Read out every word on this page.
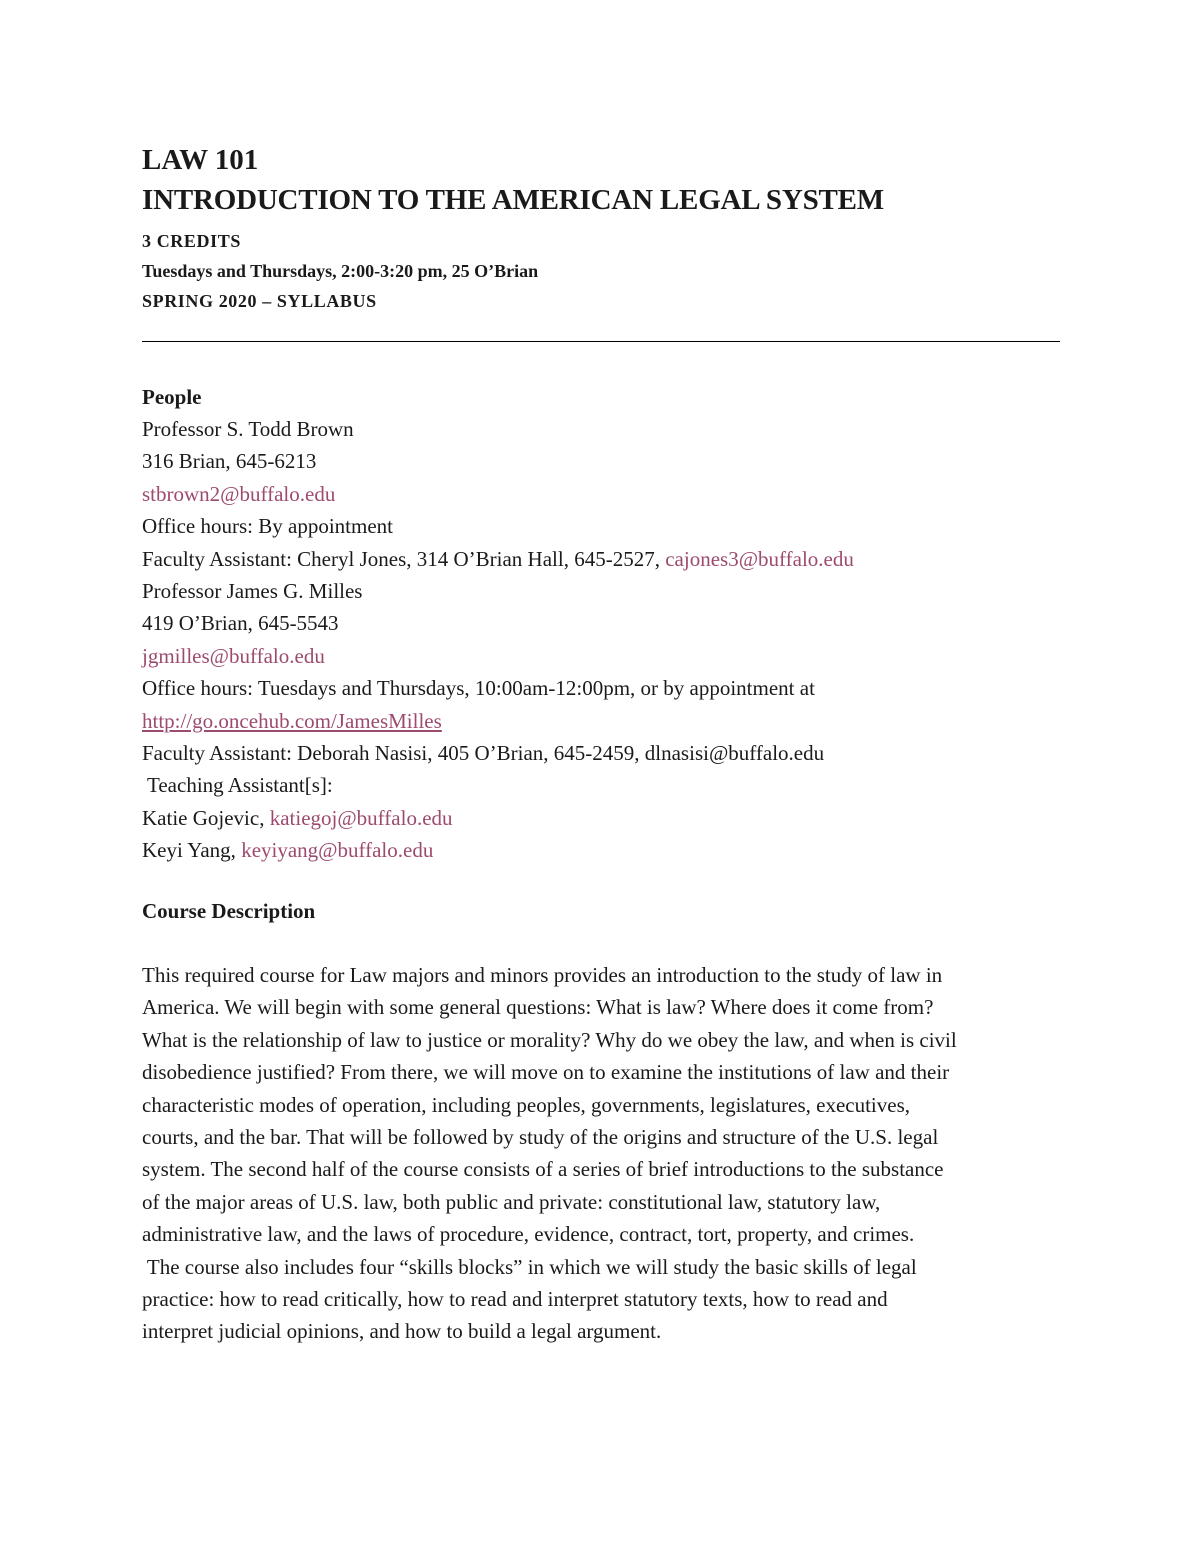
LAW 101

INTRODUCTION TO THE AMERICAN LEGAL SYSTEM

3 CREDITS

Tuesdays and Thursdays, 2:00-3:20 pm, 25 O’Brian

SPRING 2020 – SYLLABUS

People

Professor S. Todd Brown

316 Brian, 645-6213

stbrown2@buffalo.edu

Office hours: By appointment

Faculty Assistant: Cheryl Jones, 314 O’Brian Hall, 645-2527, cajones3@buffalo.edu

Professor James G. Milles

419 O’Brian, 645-5543

jgmilles@buffalo.edu

Office hours: Tuesdays and Thursdays, 10:00am-12:00pm, or by appointment at

http://go.oncehub.com/JamesMilles

Faculty Assistant: Deborah Nasisi, 405 O’Brian, 645-2459, dlnasisi@buffalo.edu

Teaching Assistant[s]:

Katie Gojevic, katiegoj@buffalo.edu

Keyi Yang, keyiyang@buffalo.edu

Course Description

This required course for Law majors and minors provides an introduction to the study of law in

America. We will begin with some general questions: What is law? Where does it come from?

What is the relationship of law to justice or morality? Why do we obey the law, and when is civil

disobedience justified? From there, we will move on to examine the institutions of law and their

characteristic modes of operation, including peoples, governments, legislatures, executives,

courts, and the bar. That will be followed by study of the origins and structure of the U.S. legal

system. The second half of the course consists of a series of brief introductions to the substance

of the major areas of U.S. law, both public and private: constitutional law, statutory law,

administrative law, and the laws of procedure, evidence, contract, tort, property, and crimes.

The course also includes four “skills blocks” in which we will study the basic skills of legal

practice: how to read critically, how to read and interpret statutory texts, how to read and

interpret judicial opinions, and how to build a legal argument.
